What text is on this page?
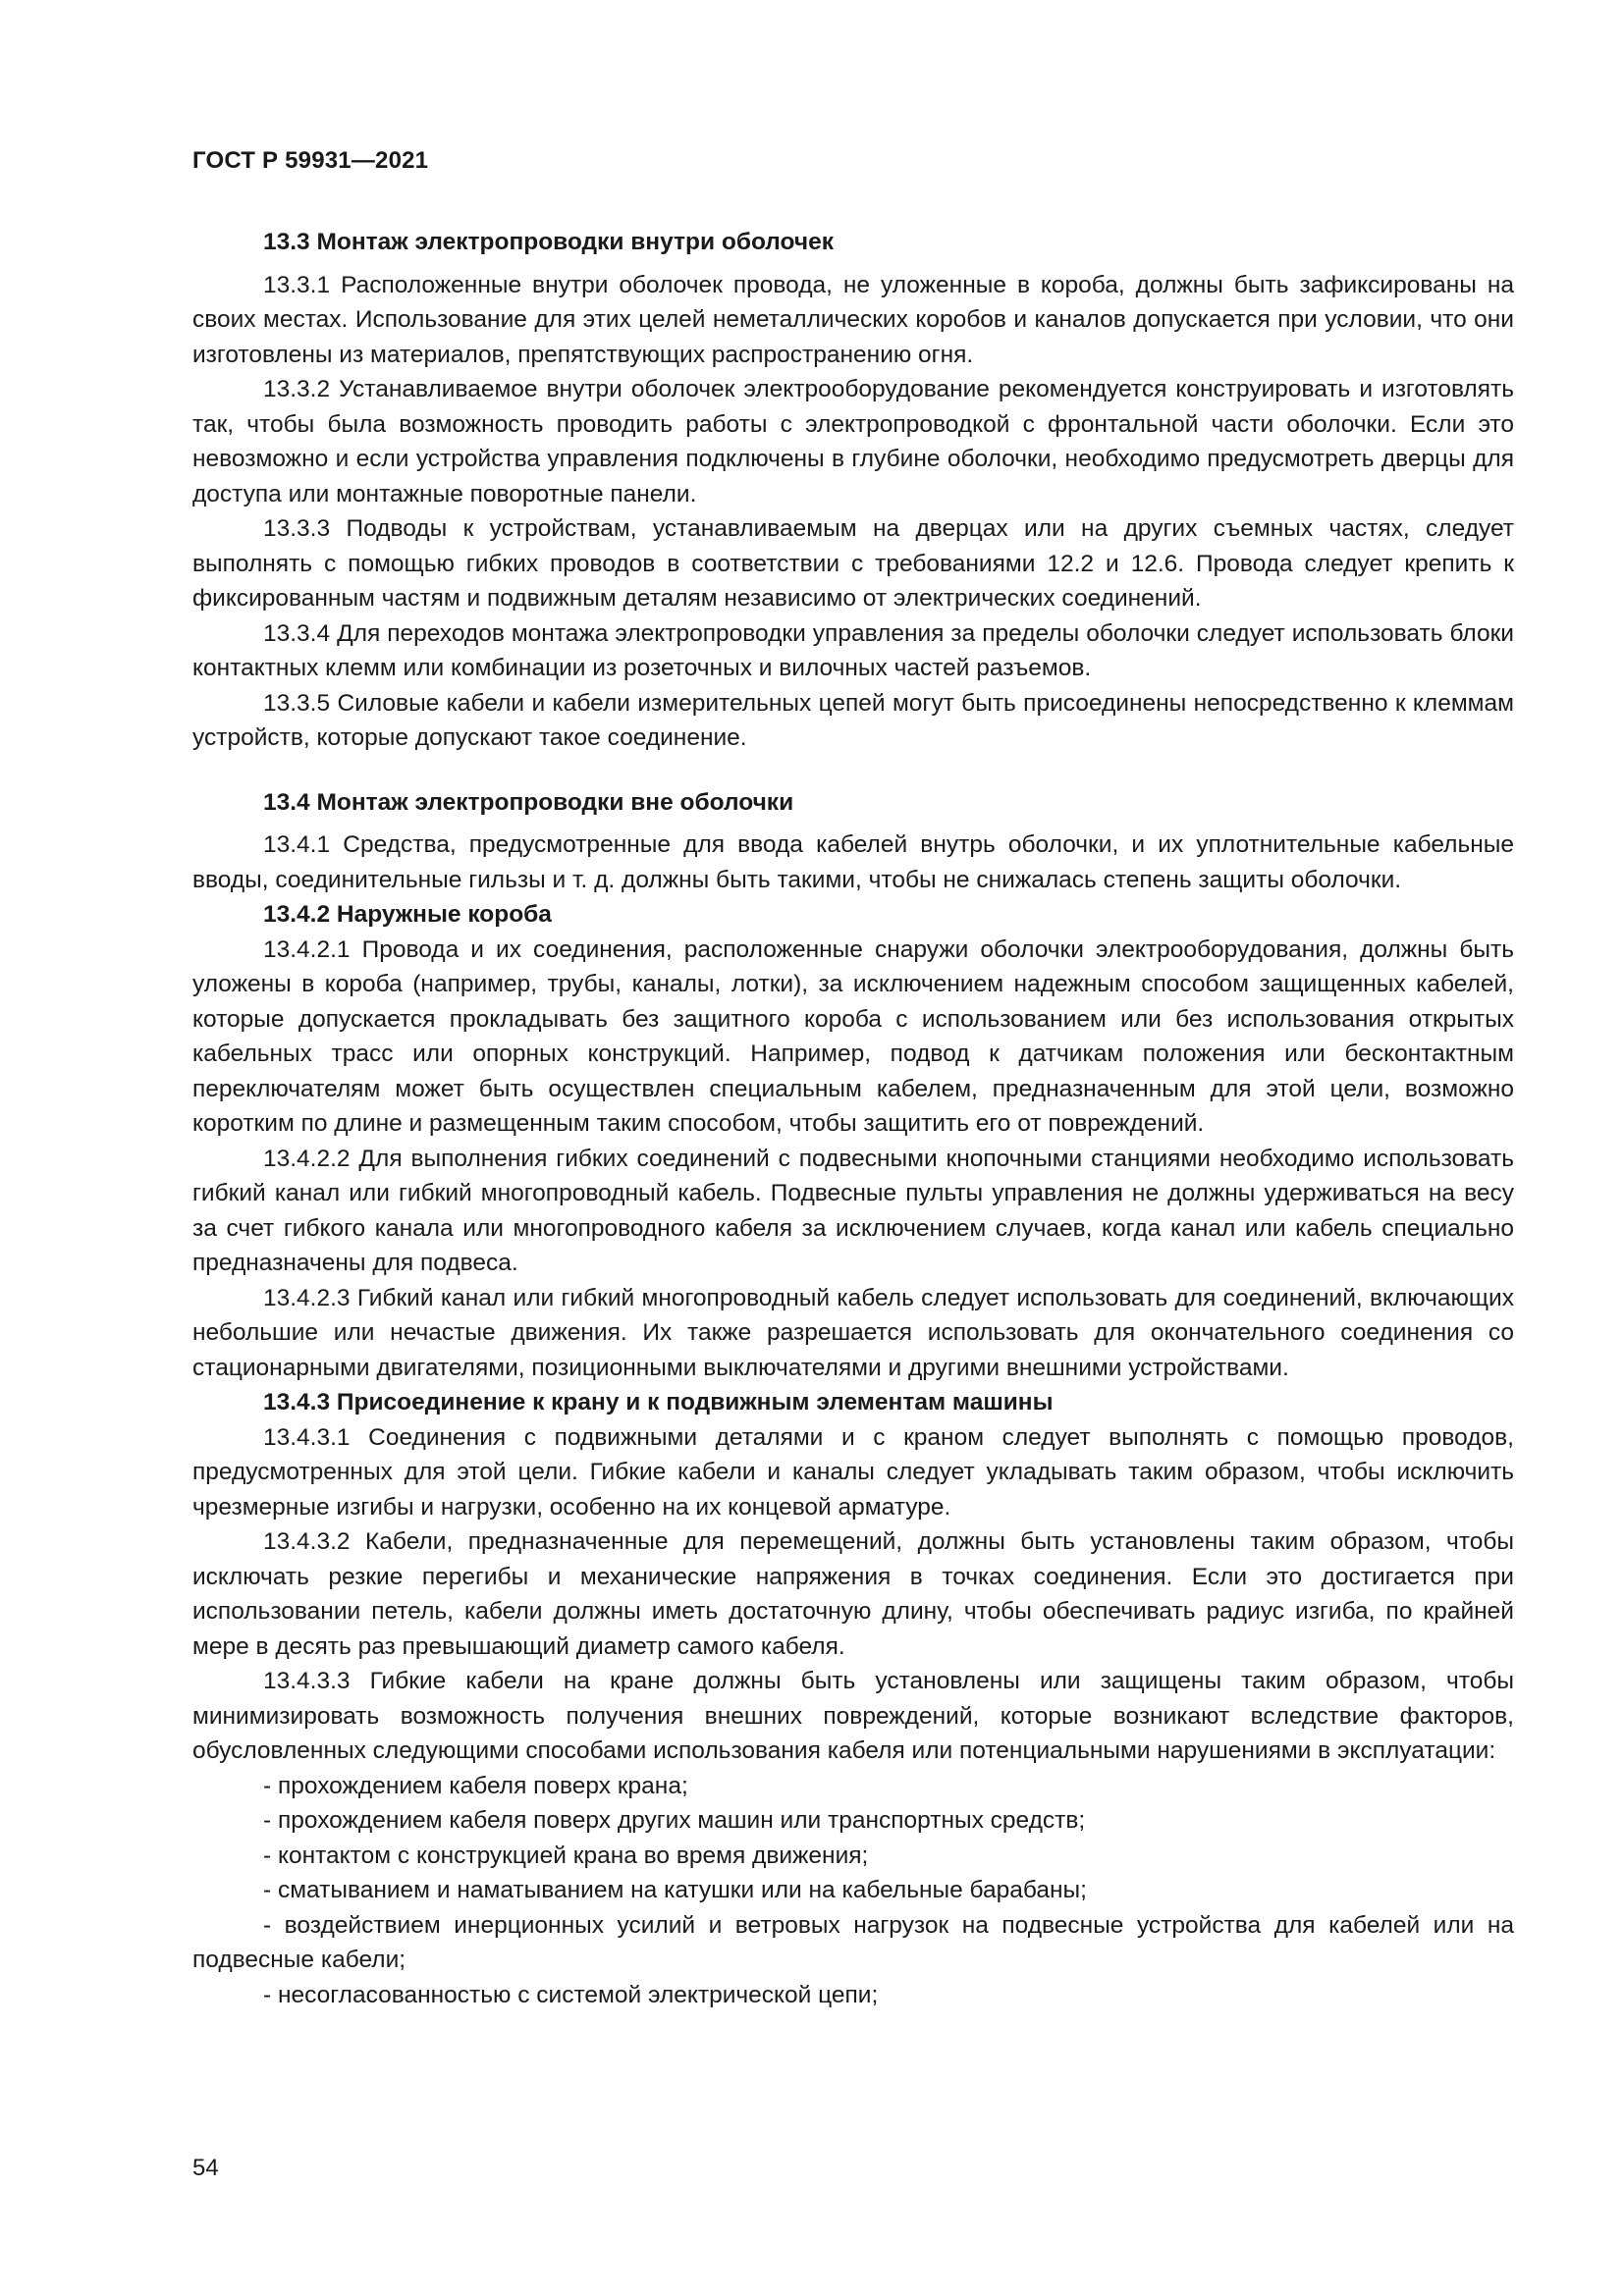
ГОСТ Р 59931—2021
13.3 Монтаж электропроводки внутри оболочек

13.3.1 Расположенные внутри оболочек провода, не уложенные в короба, должны быть зафиксированы на своих местах. Использование для этих целей неметаллических коробов и каналов допускается при условии, что они изготовлены из материалов, препятствующих распространению огня.

13.3.2 Устанавливаемое внутри оболочек электрооборудование рекомендуется конструировать и изготовлять так, чтобы была возможность проводить работы с электропроводкой с фронтальной части оболочки. Если это невозможно и если устройства управления подключены в глубине оболочки, необходимо предусмотреть дверцы для доступа или монтажные поворотные панели.

13.3.3 Подводы к устройствам, устанавливаемым на дверцах или на других съемных частях, следует выполнять с помощью гибких проводов в соответствии с требованиями 12.2 и 12.6. Провода следует крепить к фиксированным частям и подвижным деталям независимо от электрических соединений.

13.3.4 Для переходов монтажа электропроводки управления за пределы оболочки следует использовать блоки контактных клемм или комбинации из розеточных и вилочных частей разъемов.

13.3.5 Силовые кабели и кабели измерительных цепей могут быть присоединены непосредственно к клеммам устройств, которые допускают такое соединение.

13.4 Монтаж электропроводки вне оболочки

13.4.1 Средства, предусмотренные для ввода кабелей внутрь оболочки, и их уплотнительные кабельные вводы, соединительные гильзы и т. д. должны быть такими, чтобы не снижалась степень защиты оболочки.

13.4.2 Наружные короба

13.4.2.1 Провода и их соединения, расположенные снаружи оболочки электрооборудования, должны быть уложены в короба (например, трубы, каналы, лотки), за исключением надежным способом защищенных кабелей, которые допускается прокладывать без защитного короба с использованием или без использования открытых кабельных трасс или опорных конструкций. Например, подвод к датчикам положения или бесконтактным переключателям может быть осуществлен специальным кабелем, предназначенным для этой цели, возможно коротким по длине и размещенным таким способом, чтобы защитить его от повреждений.

13.4.2.2 Для выполнения гибких соединений с подвесными кнопочными станциями необходимо использовать гибкий канал или гибкий многопроводный кабель. Подвесные пульты управления не должны удерживаться на весу за счет гибкого канала или многопроводного кабеля за исключением случаев, когда канал или кабель специально предназначены для подвеса.

13.4.2.3 Гибкий канал или гибкий многопроводный кабель следует использовать для соединений, включающих небольшие или нечастые движения. Их также разрешается использовать для окончательного соединения со стационарными двигателями, позиционными выключателями и другими внешними устройствами.

13.4.3 Присоединение к крану и к подвижным элементам машины

13.4.3.1 Соединения с подвижными деталями и с краном следует выполнять с помощью проводов, предусмотренных для этой цели. Гибкие кабели и каналы следует укладывать таким образом, чтобы исключить чрезмерные изгибы и нагрузки, особенно на их концевой арматуре.

13.4.3.2 Кабели, предназначенные для перемещений, должны быть установлены таким образом, чтобы исключать резкие перегибы и механические напряжения в точках соединения. Если это достигается при использовании петель, кабели должны иметь достаточную длину, чтобы обеспечивать радиус изгиба, по крайней мере в десять раз превышающий диаметр самого кабеля.

13.4.3.3 Гибкие кабели на кране должны быть установлены или защищены таким образом, чтобы минимизировать возможность получения внешних повреждений, которые возникают вследствие факторов, обусловленных следующими способами использования кабеля или потенциальными нарушениями в эксплуатации:

- прохождением кабеля поверх крана;

- прохождением кабеля поверх других машин или транспортных средств;

- контактом с конструкцией крана во время движения;

- сматыванием и наматыванием на катушки или на кабельные барабаны;

- воздействием инерционных усилий и ветровых нагрузок на подвесные устройства для кабелей или на подвесные кабели;

- несогласованностью с системой электрической цепи;

54
